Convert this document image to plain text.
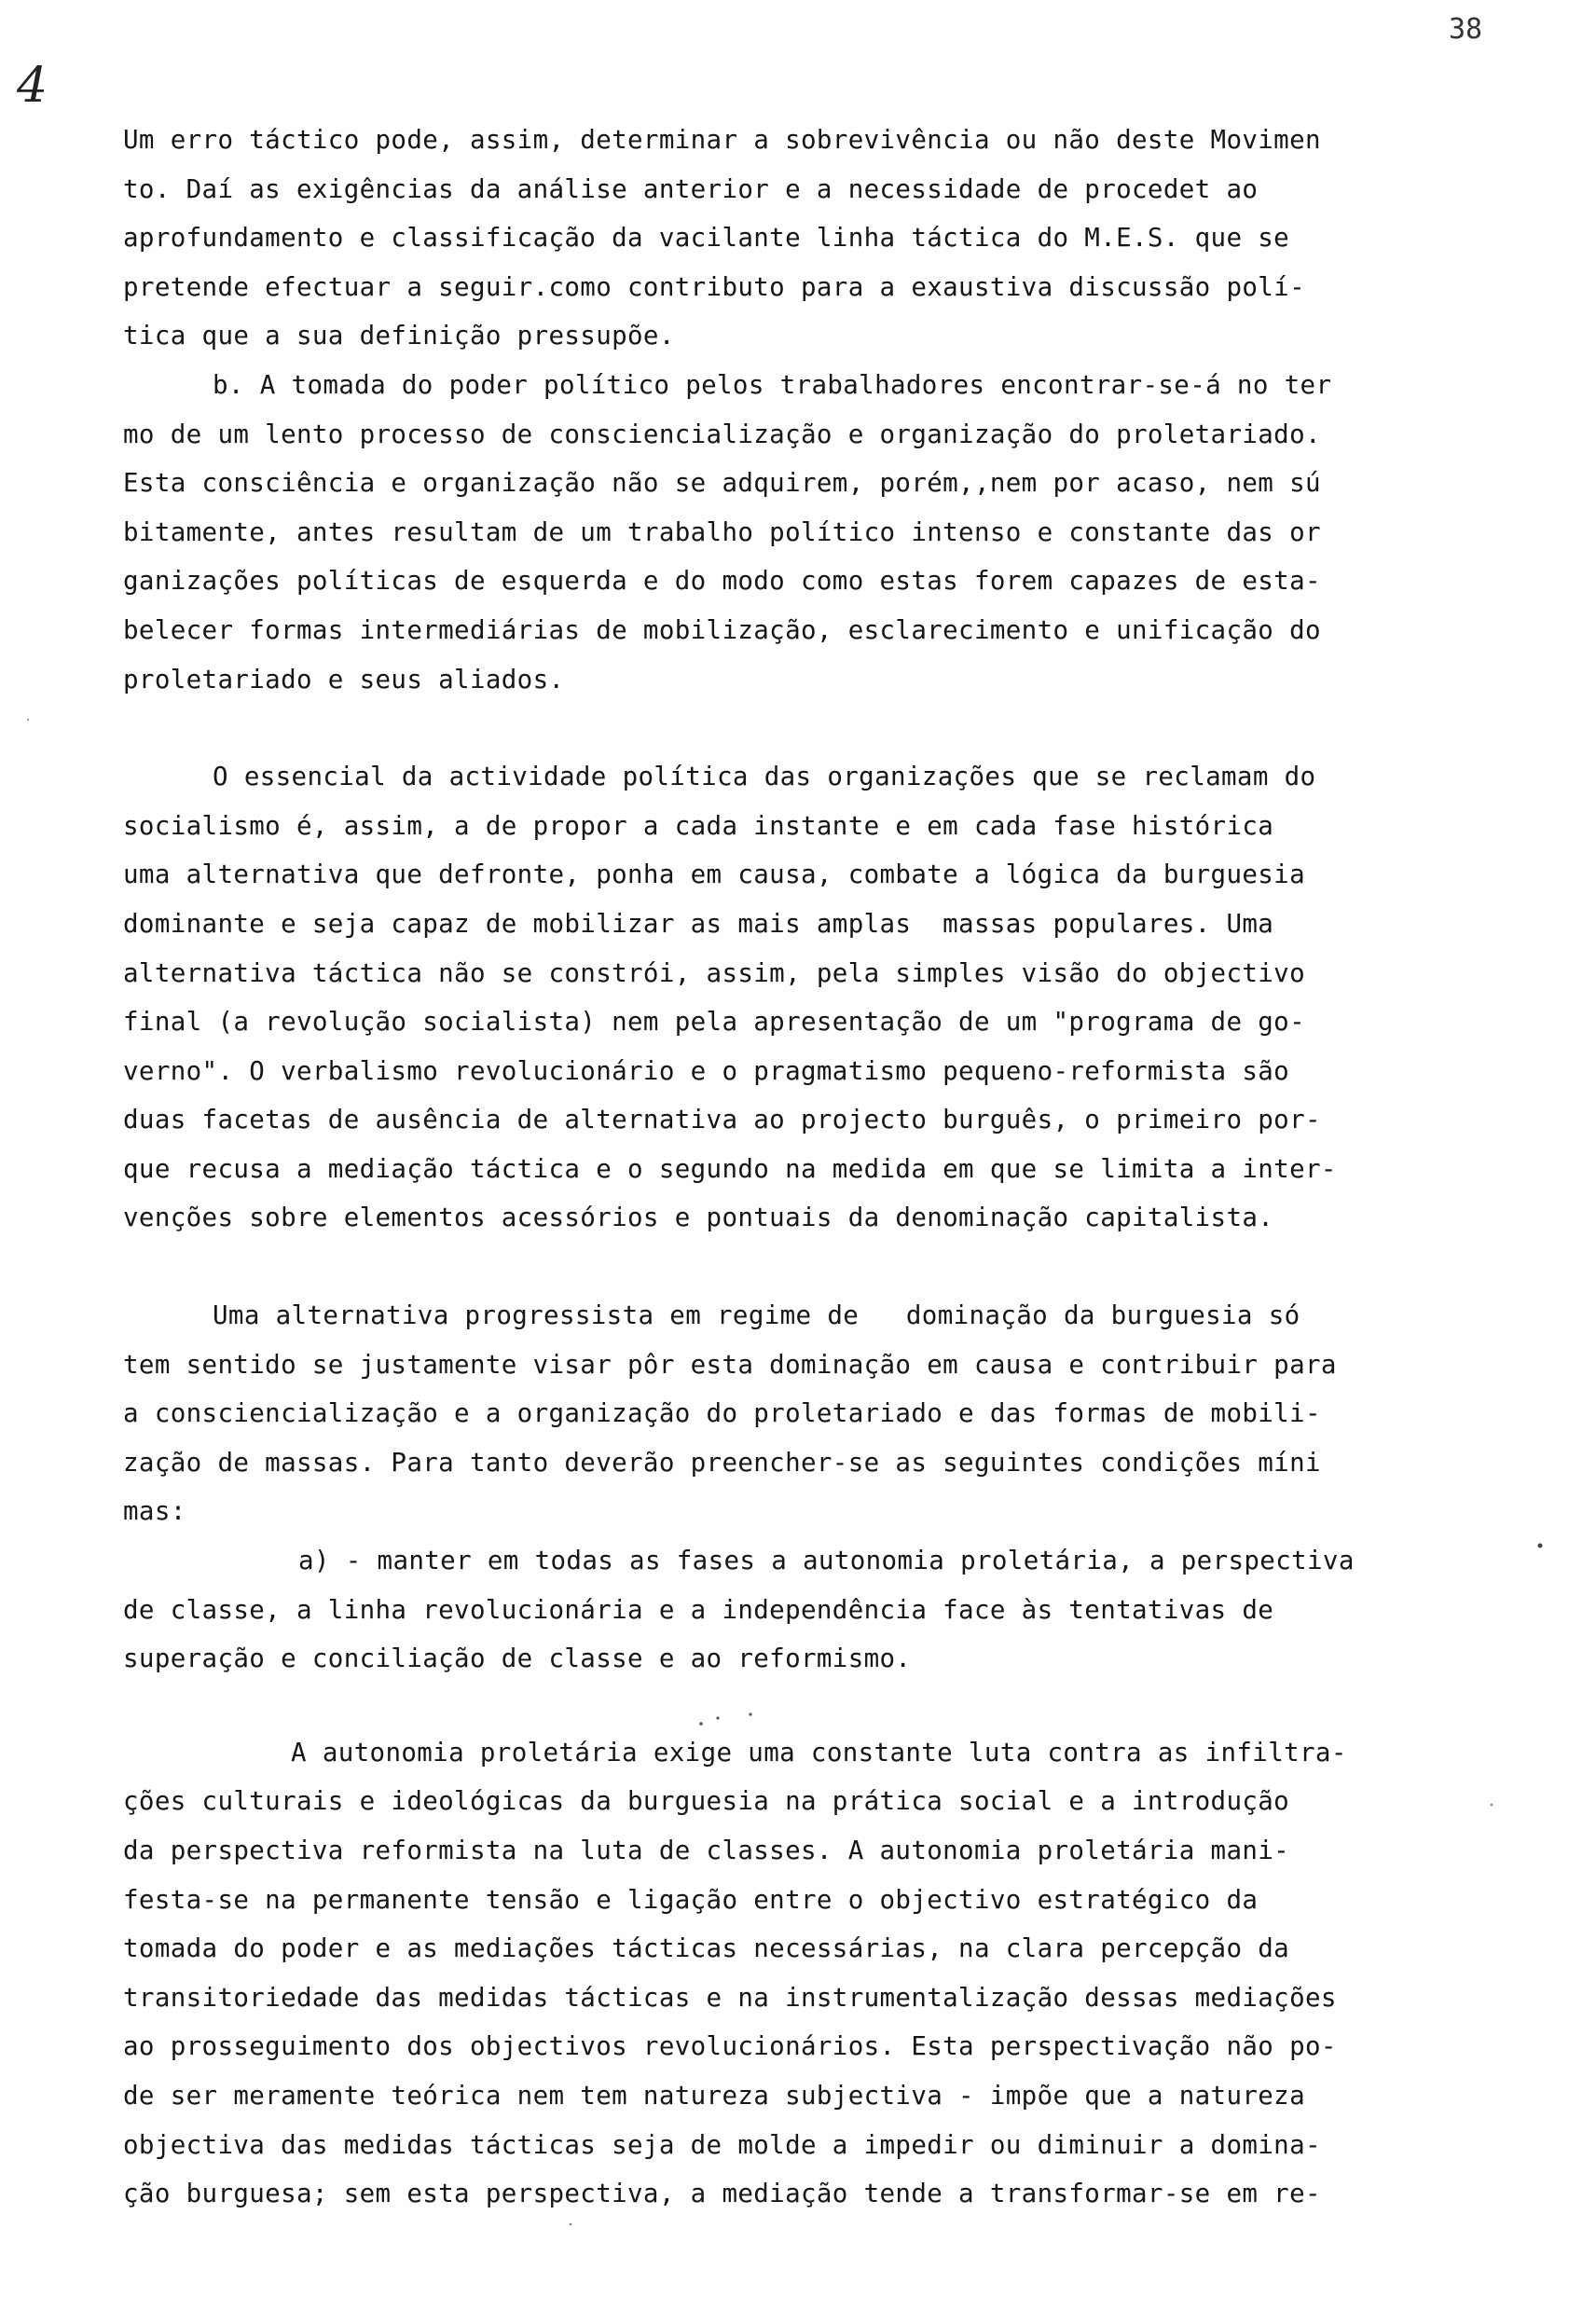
38
4
Um erro táctico pode, assim, determinar a sobrevivência ou não deste Movimen
to. Daí as exigências da análise anterior e a necessidade de procedet ao
aprofundamento e classificação da vacilante linha táctica do M.E.S. que se
pretende efectuar a seguir.como contributo para a exaustiva discussão polí-
tica que a sua definição pressupõe.
b. A tomada do poder político pelos trabalhadores encontrar-se-á no ter
mo de um lento processo de consciencialização e organização do proletariado.
Esta consciência e organização não se adquirem, porém,,nem por acaso, nem sú
bitamente, antes resultam de um trabalho político intenso e constante das or
ganizações políticas de esquerda e do modo como estas forem capazes de esta-
belecer formas intermediárias de mobilização, esclarecimento e unificação do
proletariado e seus aliados.
O essencial da actividade política das organizações que se reclamam do
socialismo é, assim, a de propor a cada instante e em cada fase histórica
uma alternativa que defronte, ponha em causa, combate a lógica da burguesia
dominante e seja capaz de mobilizar as mais amplas  massas populares. Uma
alternativa táctica não se constrói, assim, pela simples visão do objectivo
final (a revolução socialista) nem pela apresentação de um "programa de go-
verno". O verbalismo revolucionário e o pragmatismo pequeno-reformista são
duas facetas de ausência de alternativa ao projecto burguês, o primeiro por-
que recusa a mediação táctica e o segundo na medida em que se limita a inter-
venções sobre elementos acessórios e pontuais da denominação capitalista.
Uma alternativa progressista em regime de   dominação da burguesia só
tem sentido se justamente visar pôr esta dominação em causa e contribuir para
a consciencialização e a organização do proletariado e das formas de mobili-
zação de massas. Para tanto deverão preencher-se as seguintes condições míni
mas:
a) - manter em todas as fases a autonomia proletária, a perspectiva
de classe, a linha revolucionária e a independência face às tentativas de
superação e conciliação de classe e ao reformismo.
A autonomia proletária exige uma constante luta contra as infiltra-
ções culturais e ideológicas da burguesia na prática social e a introdução
da perspectiva reformista na luta de classes. A autonomia proletária mani-
festa-se na permanente tensão e ligação entre o objectivo estratégico da
tomada do poder e as mediações tácticas necessárias, na clara percepção da
transitoriedade das medidas tácticas e na instrumentalização dessas mediações
ao prosseguimento dos objectivos revolucionários. Esta perspectivação não po-
de ser meramente teórica nem tem natureza subjectiva - impõe que a natureza
objectiva das medidas tácticas seja de molde a impedir ou diminuir a domina-
ção burguesa; sem esta perspectiva, a mediação tende a transformar-se em re-
